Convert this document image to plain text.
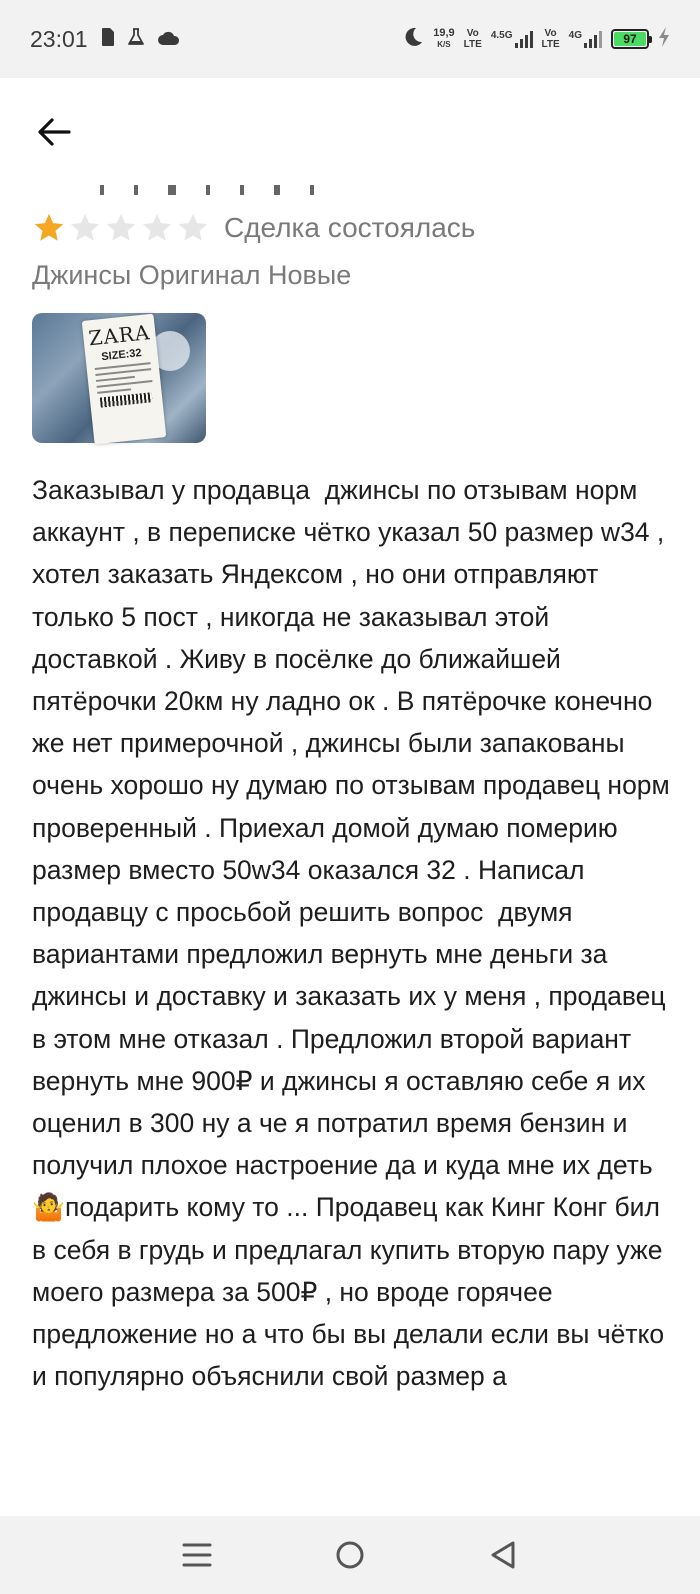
23:01	19,9
K/S
Vo
LTE
4.5G	Vo
LTE
4G	97
Сделка состоялась
Джинсы Оригинал Новые
ZARA
SIZE:32
Заказывал у продавца  джинсы по отзывам норм аккаунт , в переписке чётко указал 50 размер w34 , хотел заказать Яндексом , но они отправляют только 5 пост , никогда не заказывал этой доставкой . Живу в посёлке до ближайшей пятёрочки 20км ну ладно ок . В пятёрочке конечно же нет примерочной , джинсы были запакованы очень хорошо ну думаю по отзывам продавец норм проверенный . Приехал домой думаю померию размер вместо 50w34 оказался 32 . Написал продавцу с просьбой решить вопрос  двумя вариантами предложил вернуть мне деньги за джинсы и доставку и заказать их у меня , продавец в этом мне отказал . Предложил второй вариант вернуть мне 900₽ и джинсы я оставляю себе я их оценил в 300 ну а че я потратил время бензин и получил плохое настроение да и куда мне их деть 🤷подарить кому то ... Продавец как Кинг Конг бил в себя в грудь и предлагал купить вторую пару уже моего размера за 500₽ , но вроде горячее предложение но а что бы вы делали если вы чётко и популярно объяснили свой размер а
